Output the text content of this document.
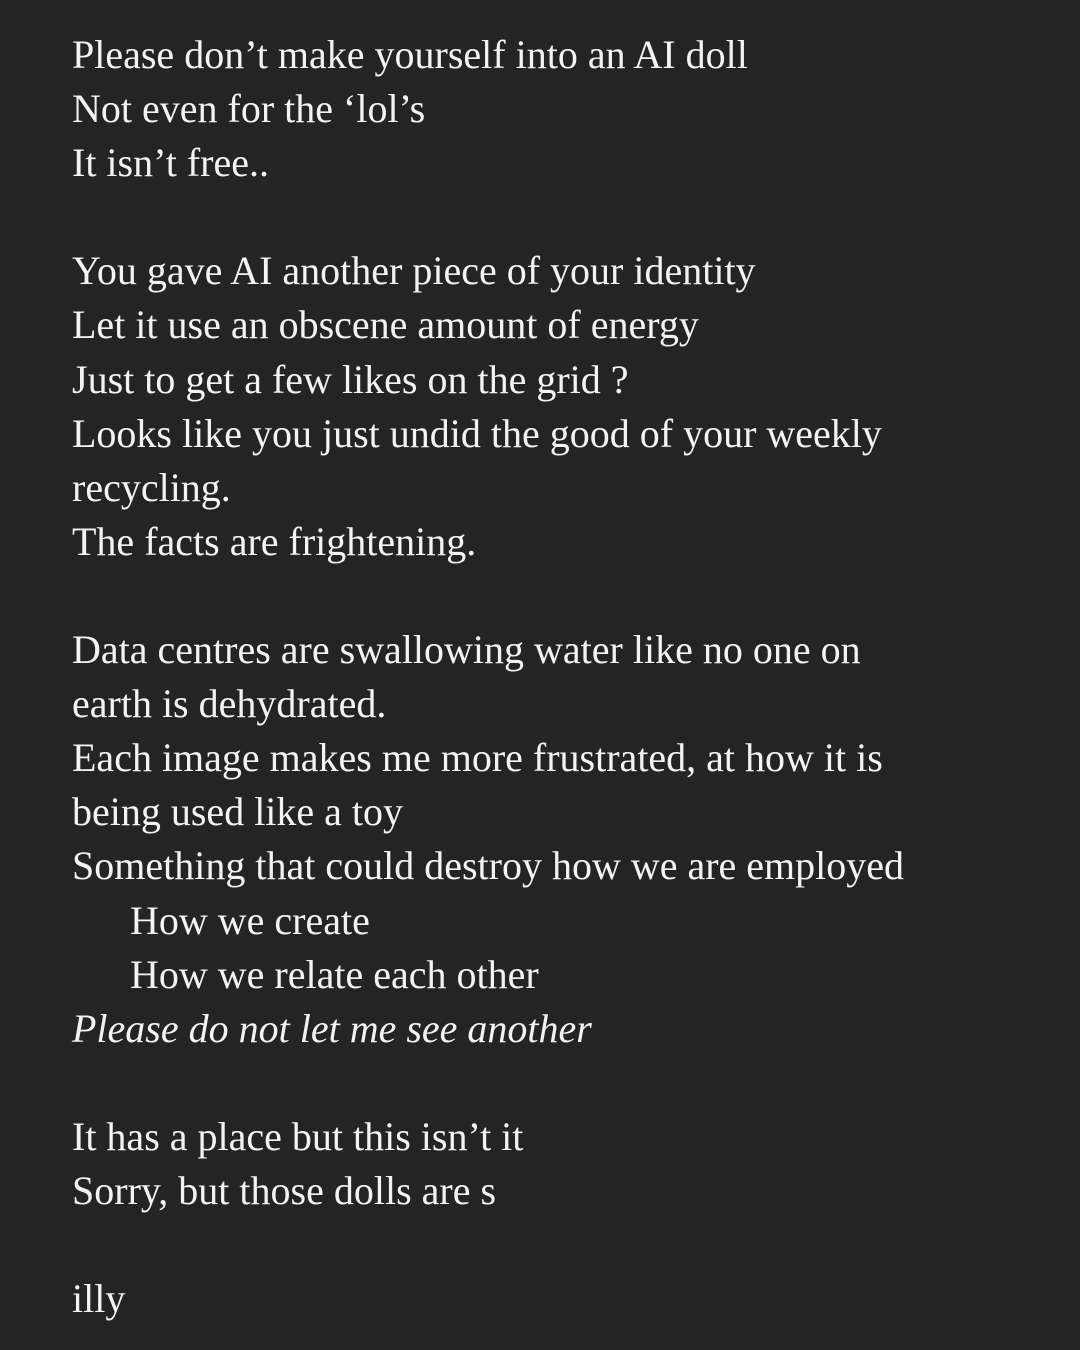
Please don’t make yourself into an AI doll
Not even for the ‘lol’s
It isn’t free..
You gave AI another piece of your identity
Let it use an obscene amount of energy
Just to get a few likes on the grid ?
Looks like you just undid the good of your weekly
recycling.
The facts are frightening.
Data centres are swallowing water like no one on
earth is dehydrated.
Each image makes me more frustrated, at how it is
being used like a toy
Something that could destroy how we are employed
How we create
How we relate each other
Please do not let me see another
It has a place but this isn’t it
Sorry, but those dolls are s
illy
